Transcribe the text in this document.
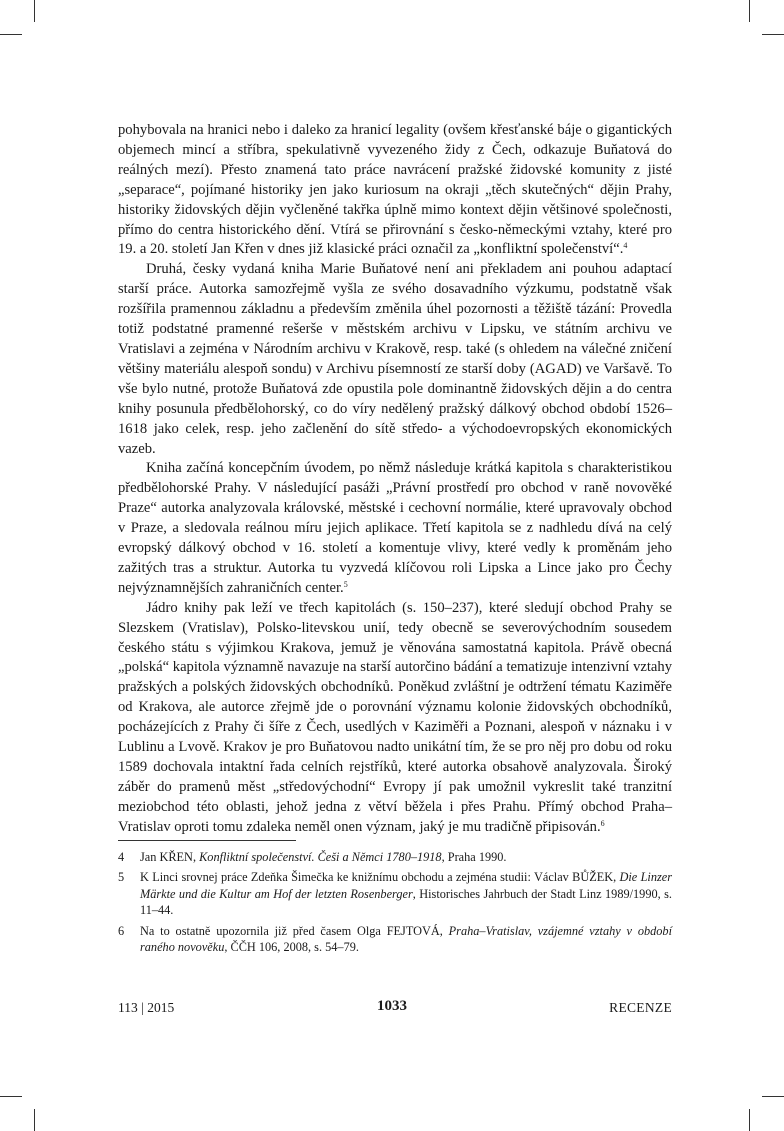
pohybovala na hranici nebo i daleko za hranicí legality (ovšem křesťanské báje o gigantických objemech mincí a stříbra, spekulativně vyvezeného židy z Čech, odkazuje Buňatová do reálných mezí). Přesto znamená tato práce navrácení pražské židovské komunity z jisté „separace“, pojímané historiky jen jako kuriosum na okraji „těch skutečných“ dějin Prahy, historiky židovských dějin vyčleněné takřka úplně mimo kontext dějin většinové společnosti, přímo do centra historického dění. Vtírá se přirovnání s česko-německými vztahy, které pro 19. a 20. století Jan Křen v dnes již klasické práci označil za „konfliktní společenství“.$^4$

Druhá, česky vydaná kniha Marie Buňatové není ani překladem ani pouhou adaptací starší práce. Autorka samozřejmě vyšla ze svého dosavadního výzkumu, podstatně však rozšířila pramennou základnu a především změnila úhel pozornosti a těžiště tázání: Provedla totiž podstatné pramenné rešerše v městském archivu v Lipsku, ve státním archivu ve Vratislavi a zejména v Národním archivu v Krakově, resp. také (s ohledem na válečné zničení většiny materiálu alespoň sondu) v Archivu písemností ze starší doby (AGAD) ve Varšavě. To vše bylo nutné, protože Buňatová zde opustila pole dominantně židovských dějin a do centra knihy posunula předbělohorský, co do víry nedělený pražský dálkový obchod období 1526–1618 jako celek, resp. jeho začlenění do sítě středo- a východoevropských ekonomických vazeb.

Kniha začíná koncepčním úvodem, po němž následuje krátká kapitola s charakteristikou předbělohorské Prahy. V následující pasáži „Právní prostředí pro obchod v raně novověké Praze“ autorka analyzovala královské, městské i cechovní normálie, které upravovaly obchod v Praze, a sledovala reálnou míru jejich aplikace. Třetí kapitola se z nadhledu dívá na celý evropský dálkový obchod v 16. století a komentuje vlivy, které vedly k proměnám jeho zažitých tras a struktur. Autorka tu vyzvedá klíčovou roli Lipska a Lince jako pro Čechy nejvýznamnějších zahraničních center.$^5$

Jádro knihy pak leží ve třech kapitolách (s. 150–237), které sledují obchod Prahy se Slezskem (Vratislav), Polsko-litevskou unií, tedy obecně se severovýchodním sousedem českého státu s výjimkou Krakova, jemuž je věnována samostatná kapitola. Právě obecná „polská“ kapitola významně navazuje na starší autorčino bádání a tematizuje intenzivní vztahy pražských a polských židovských obchodníků. Poněkud zvláštní je odtržení tématu Kaziměře od Krakova, ale autorce zřejmě jde o porovnání významu kolonie židovských obchodníků, pocházejících z Prahy či šíře z Čech, usedlých v Kaziměři a Poznani, alespoň v náznaku i v Lublinu a Lvově. Krakov je pro Buňatovou nadto unikátní tím, že se pro něj pro dobu od roku 1589 dochovala intaktní řada celních rejstříků, které autorka obsahově analyzovala. Široký záběr do pramenů měst „středovýchodní“ Evropy jí pak umožnil vykreslit také tranzitní meziobchod této oblasti, jehož jedna z větví běžela i přes Prahu. Přímý obchod Praha–Vratislav oproti tomu zdaleka neměl onen význam, jaký je mu tradičně připisován.$^6$

4	Jan KŘEN, Konfliktní společenství. Češi a Němci 1780–1918, Praha 1990.
5	K Linci srovnej práce Zdeňka Šimečka ke knižnímu obchodu a zejména studii: Václav BŮŽEK, Die Linzer Märkte und die Kultur am Hof der letzten Rosenberger, Historisches Jahrbuch der Stadt Linz 1989/1990, s. 11–44.
6	Na to ostatně upozornila již před časem Olga FEJTOVÁ, Praha–Vratislav, vzájemné vztahy v období raného novověku, ČČH 106, 2008, s. 54–79.
113 | 2015	1033	RECENZE
